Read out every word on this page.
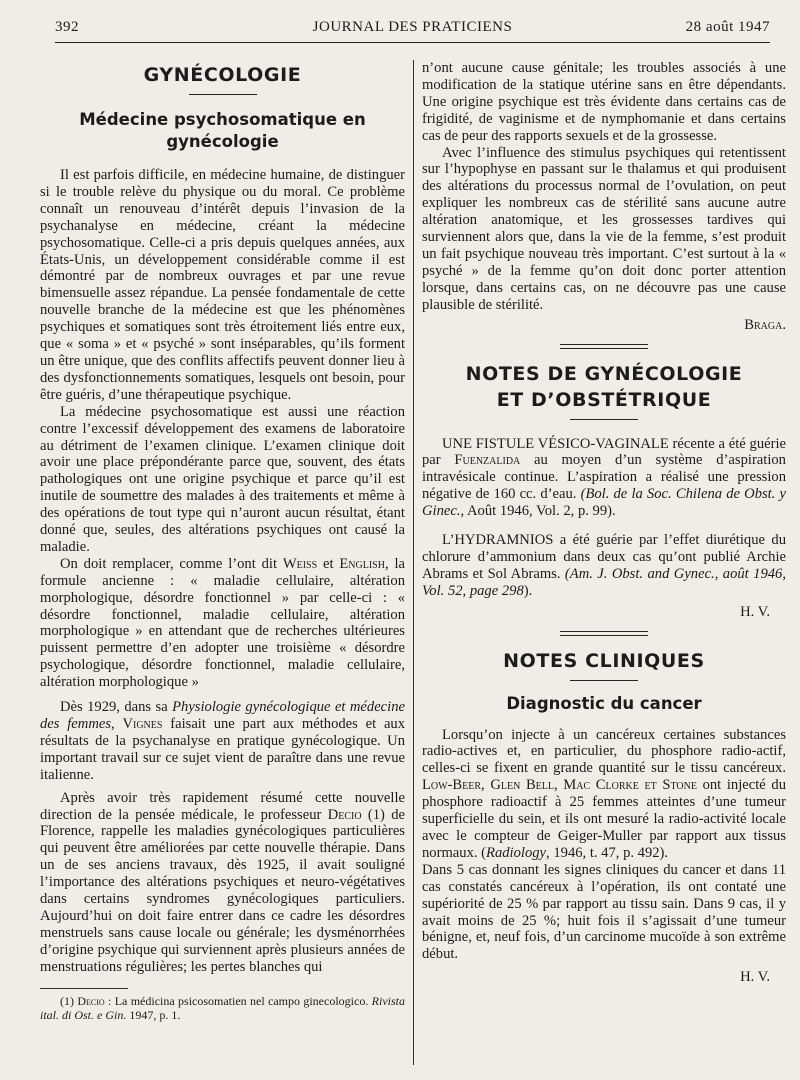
392	JOURNAL DES PRATICIENS	28 août 1947
GYNÉCOLOGIE
Médecine psychosomatique en gynécologie

Il est parfois difficile, en médecine humaine, de distinguer si le trouble relève du physique ou du moral. Ce problème connaît un renouveau d’intérêt depuis l’invasion de la psychanalyse en médecine, créant la médecine psychosomatique. Celle-ci a pris depuis quelques années, aux États-Unis, un développement considérable comme il est démontré par de nombreux ouvrages et par une revue bimensuelle assez répandue. La pensée fondamentale de cette nouvelle branche de la médecine est que les phénomènes psychiques et somatiques sont très étroitement liés entre eux, que « soma » et « psyché » sont inséparables, qu’ils forment un être unique, que des conflits affectifs peuvent donner lieu à des dysfonctionnements somatiques, lesquels ont besoin, pour être guéris, d’une thérapeutique psychique.

La médecine psychosomatique est aussi une réaction contre l’excessif développement des examens de laboratoire au détriment de l’examen clinique. L’examen clinique doit avoir une place prépondérante parce que, souvent, des états pathologiques ont une origine psychique et parce qu’il est inutile de soumettre des malades à des traitements et même à des opérations de tout type qui n’auront aucun résultat, étant donné que, seules, des altérations psychiques ont causé la maladie.

On doit remplacer, comme l’ont dit Weiss et English, la formule ancienne : « maladie cellulaire, altération morphologique, désordre fonctionnel » par celle-ci : « désordre fonctionnel, maladie cellulaire, altération morphologique » en attendant que de recherches ultérieures puissent permettre d’en adopter une troisième « désordre psychologique, désordre fonctionnel, maladie cellulaire, altération morphologique »

Dès 1929, dans sa Physiologie gynécologique et médecine des femmes, Vignes faisait une part aux méthodes et aux résultats de la psychanalyse en pratique gynécologique. Un important travail sur ce sujet vient de paraître dans une revue italienne.

Après avoir très rapidement résumé cette nouvelle direction de la pensée médicale, le professeur Decio (1) de Florence, rappelle les maladies gynécologiques particulières qui peuvent être améliorées par cette nouvelle thérapie. Dans un de ses anciens travaux, dès 1925, il avait souligné l’importance des altérations psychiques et neuro-végétatives dans certains syndromes gynécologiques particuliers. Aujourd’hui on doit faire entrer dans ce cadre les désordres menstruels sans cause locale ou générale; les dysménorrhées d’origine psychique qui surviennent après plusieurs années de menstruations régulières; les pertes blanches qui

(1) Decio : La médicina psicosomatien nel campo ginecologico. Rivista ital. di Ost. e Gin. 1947, p. 1.

n’ont aucune cause génitale; les troubles associés à une modification de la statique utérine sans en être dépendants. Une origine psychique est très évidente dans certains cas de frigidité, de vaginisme et de nymphomanie et dans certains cas de peur des rapports sexuels et de la grossesse.

Avec l’influence des stimulus psychiques qui retentissent sur l’hypophyse en passant sur le thalamus et qui produisent des altérations du processus normal de l’ovulation, on peut expliquer les nombreux cas de stérilité sans aucune autre altération anatomique, et les grossesses tardives qui surviennent alors que, dans la vie de la femme, s’est produit un fait psychique nouveau très important. C’est surtout à la « psyché » de la femme qu’on doit donc porter attention lorsque, dans certains cas, on ne découvre pas une cause plausible de stérilité.

Braga.

NOTES DE GYNÉCOLOGIE
ET D’OBSTÉTRIQUE

UNE FISTULE VÉSICO-VAGINALE récente a été guérie par Fuenzalida au moyen d’un système d’aspiration intravésicale continue. L’aspiration a réalisé une pression négative de 160 cc. d’eau. (Bol. de la Soc. Chilena de Obst. y Ginec., Août 1946, Vol. 2, p. 99).

L’HYDRAMNIOS a été guérie par l’effet diurétique du chlorure d’ammonium dans deux cas qu’ont publié Archie Abrams et Sol Abrams. (Am. J. Obst. and Gynec., août 1946, Vol. 52, page 298).

H. V.

NOTES CLINIQUES
Diagnostic du cancer

Lorsqu’on injecte à un cancéreux certaines substances radio-actives et, en particulier, du phosphore radio-actif, celles-ci se fixent en grande quantité sur le tissu cancéreux. Low-Beer, Glen Bell, Mac Clorke et Stone ont injecté du phosphore radioactif à 25 femmes atteintes d’une tumeur superficielle du sein, et ils ont mesuré la radio-activité locale avec le compteur de Geiger-Muller par rapport aux tissus normaux. (Radiology, 1946, t. 47, p. 492).

Dans 5 cas donnant les signes cliniques du cancer et dans 11 cas constatés cancéreux à l’opération, ils ont contaté une supériorité de 25 % par rapport au tissu sain. Dans 9 cas, il y avait moins de 25 %; huit fois il s’agissait d’une tumeur bénigne, et, neuf fois, d’un carcinome mucoïde à son extrême début.

H. V.
